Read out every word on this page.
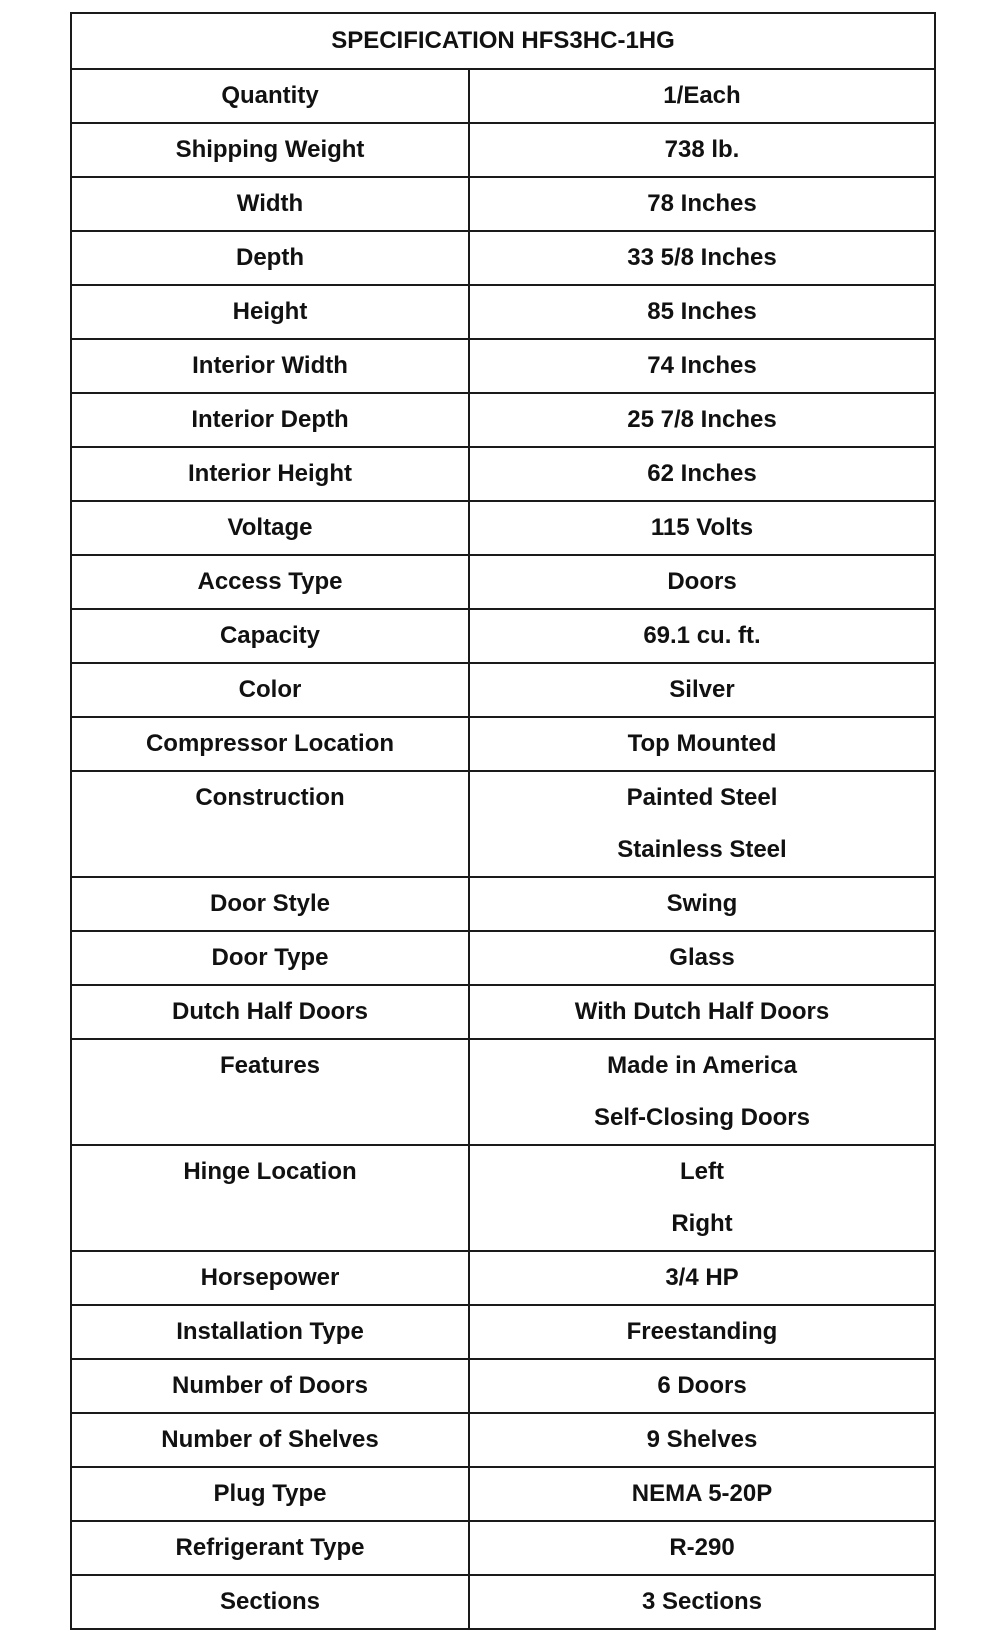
SPECIFICATION HFS3HC-1HG	
Quantity	1/Each

Shipping Weight	738 lb.

Width	78 Inches

Depth	33 5/8 Inches

Height	85 Inches

Interior Width	74 Inches

Interior Depth	25 7/8 Inches

Interior Height	62 Inches

Voltage	115 Volts

Access Type	Doors

Capacity	69.1 cu. ft.

Color	Silver

Compressor Location	Top Mounted

Construction	Painted Steel
Stainless Steel

Door Style	Swing

Door Type	Glass

Dutch Half Doors	With Dutch Half Doors

Features	Made in America
Self-Closing Doors

Hinge Location	Left
Right

Horsepower	3/4 HP

Installation Type	Freestanding

Number of Doors	6 Doors

Number of Shelves	9 Shelves

Plug Type	NEMA 5-20P

Refrigerant Type	R-290

Sections	3 Sections
